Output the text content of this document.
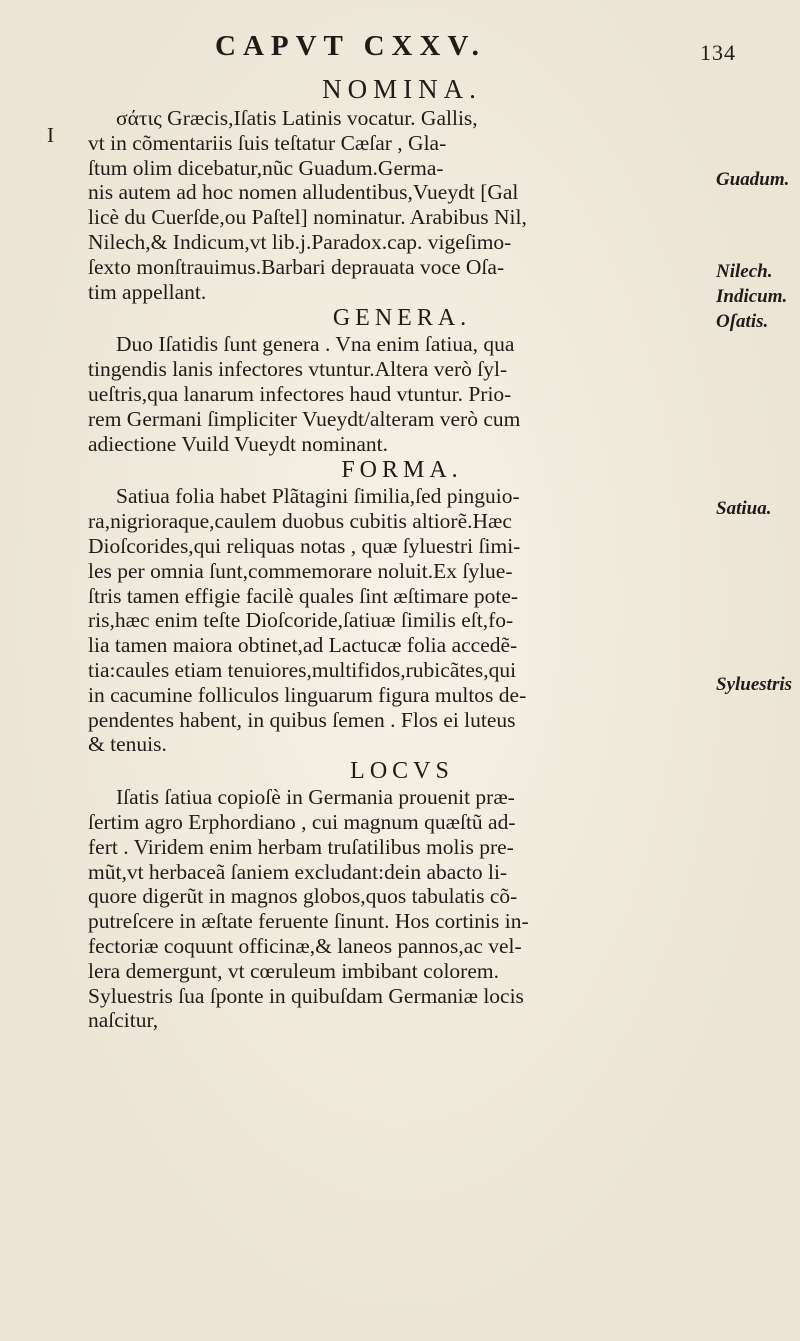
CAPVT CXXV.	134
I
NOMINA.
σάτις Græcis,Iſatis Latinis vocatur. Gallis,
vt in cõmentariis ſuis teſtatur Cæſar , Gla-
ſtum olim dicebatur,nũc Guadum.Germa-
nis autem ad hoc nomen alludentibus,Vueydt [Gal
licè du Cuerſde,ou Paſtel] nominatur. Arabibus Nil,
Nilech,& Indicum,vt lib.j.Paradox.cap. vigeſimo-
ſexto monſtrauimus.Barbari deprauata voce Oſa-
tim appellant.
GENERA.
Duo Iſatidis ſunt genera . Vna enim ſatiua, qua
tingendis lanis infectores vtuntur.Altera verò ſyl-
ueſtris,qua lanarum infectores haud vtuntur. Prio-
rem Germani ſimpliciter Vueydt/alteram verò cum
adiectione Vuild Vueydt nominant.
FORMA.
Satiua folia habet Plãtagini ſimilia,ſed pinguio-
ra,nigrioraque,caulem duobus cubitis altiorẽ.Hæc
Dioſcorides,qui reliquas notas , quæ ſyluestri ſimi-
les per omnia ſunt,commemorare noluit.Ex ſylue-
ſtris tamen effigie facilè quales ſint æſtimare pote-
ris,hæc enim teſte Dioſcoride,ſatiuæ ſimilis eſt,fo-
lia tamen maiora obtinet,ad Lactucæ folia accedẽ-
tia:caules etiam tenuiores,multifidos,rubicãtes,qui
in cacumine folliculos linguarum figura multos de-
pendentes habent, in quibus ſemen . Flos ei luteus
& tenuis.
LOCVS
Iſatis ſatiua copioſè in Germania prouenit præ-
ſertim agro Erphordiano , cui magnum quæſtũ ad-
fert . Viridem enim herbam truſatilibus molis pre-
mũt,vt herbaceã ſaniem excludant:dein abacto li-
quore digerũt in magnos globos,quos tabulatis cõ-
putreſcere in æſtate feruente ſinunt. Hos cortinis in-
fectoriæ coquunt officinæ,& laneos pannos,ac vel-
lera demergunt, vt cœruleum imbibant colorem.
Syluestris ſua ſponte in quibuſdam Germaniæ locis
naſcitur,
Guadum.
Nilech.
Indicum.
Oſatis.
Satiua.
Syluestris
